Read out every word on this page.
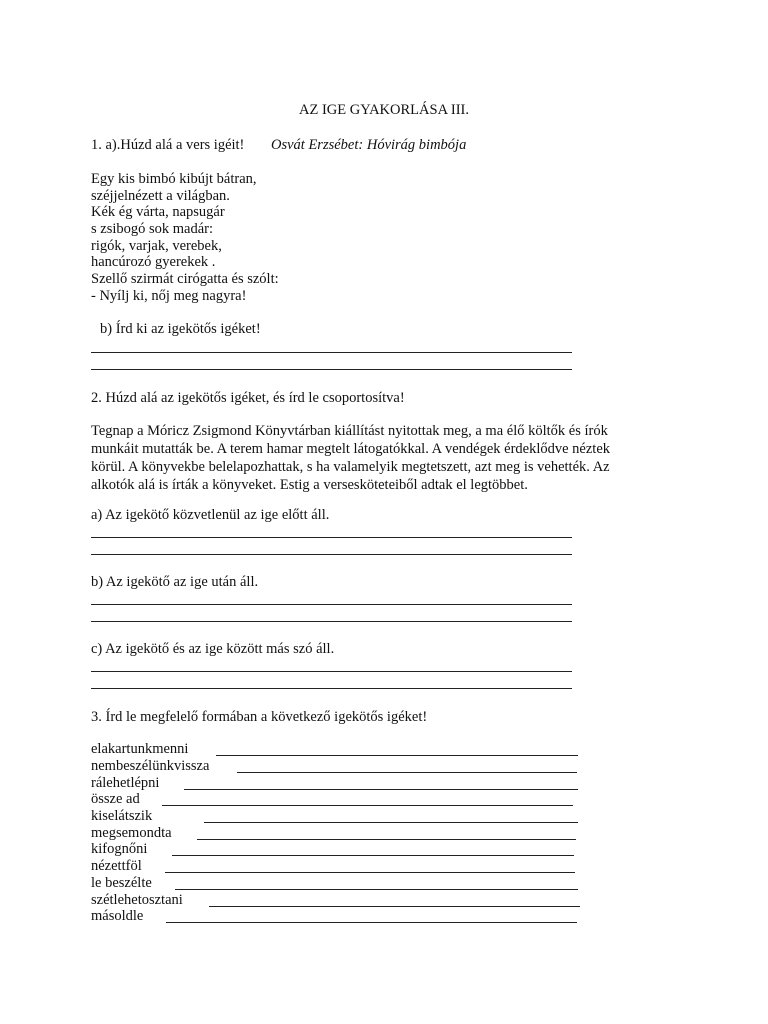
AZ IGE GYAKORLÁSA III.
1. a).Húzd alá a vers igéit! Osvát Erzsébet: Hóvirág bimbója
Egy kis bimbó kibújt bátran,
széjjelnézett a világban.
Kék ég várta, napsugár
s zsibogó sok madár:
rigók, varjak, verebek,
hancúrozó gyerekek .
Szellő szirmát cirógatta és szólt:
- Nyílj ki, nőj meg nagyra!
b) Írd ki az igekötős igéket!
2. Húzd alá az igekötős igéket, és írd le csoportosítva!
Tegnap a Móricz Zsigmond Könyvtárban kiállítást nyitottak meg, a ma élő költők és írók
munkáit mutatták be. A terem hamar megtelt látogatókkal. A vendégek érdeklődve néztek
körül. A könyvekbe belelapozhattak, s ha valamelyik megtetszett, azt meg is vehették. Az
alkotók alá is írták a könyveket. Estig a versesköteteiből adtak el legtöbbet.
a) Az igekötő közvetlenül az ige előtt áll.
b) Az igekötő az ige után áll.
c) Az igekötő és az ige között más szó áll.
3. Írd le megfelelő formában a következő igekötős igéket!
elakartunkmenni
nembeszélünkvissza
rálehetlépni
össze ad
kiselátszik
megsemondta
kifognőni
nézettföl
le beszélte
szétlehetosztani
másoldle
